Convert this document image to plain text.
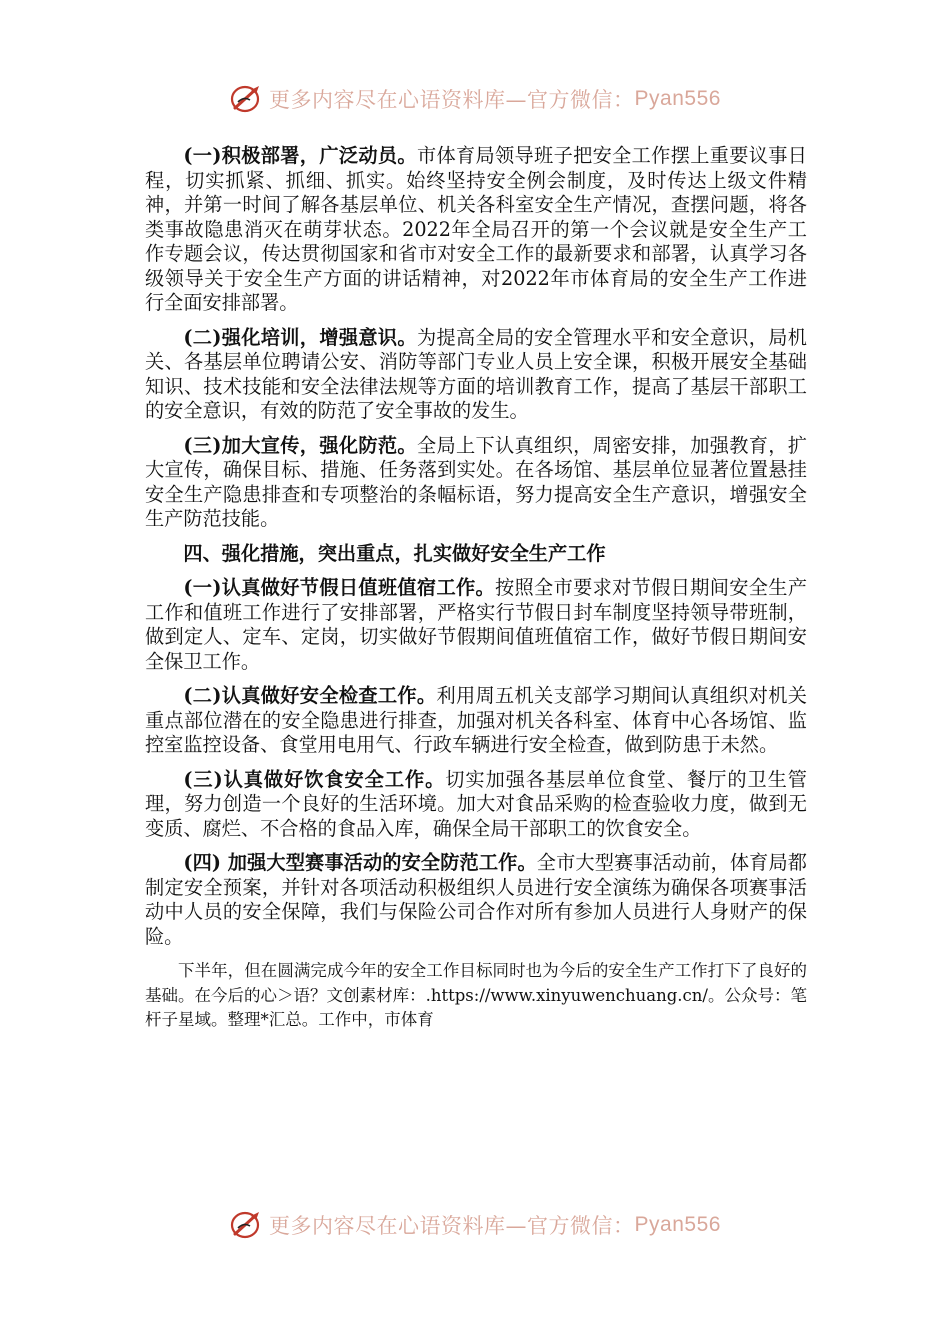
更多内容尽在心语资料库—官方微信： Pyan556

(一)积极部署，广泛动员。市体育局领导班子把安全工作摆上重要议事日程，切实抓紧、抓细、抓实。始终坚持安全例会制度，及时传达上级文件精神，并第一时间了解各基层单位、机关各科室安全生产情况，查摆问题，将各类事故隐患消灭在萌芽状态。2022年全局召开的第一个会议就是安全生产工作专题会议，传达贯彻国家和省市对安全工作的最新要求和部署，认真学习各级领导关于安全生产方面的讲话精神，对2022年市体育局的安全生产工作进行全面安排部署。

(二)强化培训，增强意识。为提高全局的安全管理水平和安全意识，局机关、各基层单位聘请公安、消防等部门专业人员上安全课，积极开展安全基础知识、技术技能和安全法律法规等方面的培训教育工作，提高了基层干部职工的安全意识，有效的防范了安全事故的发生。

(三)加大宣传，强化防范。全局上下认真组织，周密安排，加强教育，扩大宣传，确保目标、措施、任务落到实处。在各场馆、基层单位显著位置悬挂安全生产隐患排查和专项整治的条幅标语，努力提高安全生产意识，增强安全生产防范技能。

四、强化措施，突出重点，扎实做好安全生产工作

(一)认真做好节假日值班值宿工作。按照全市要求对节假日期间安全生产工作和值班工作进行了安排部署，严格实行节假日封车制度坚持领导带班制，做到定人、定车、定岗，切实做好节假期间值班值宿工作，做好节假日期间安全保卫工作。

(二)认真做好安全检查工作。利用周五机关支部学习期间认真组织对机关重点部位潜在的安全隐患进行排查，加强对机关各科室、体育中心各场馆、监控室监控设备、食堂用电用气、行政车辆进行安全检查，做到防患于未然。

(三)认真做好饮食安全工作。切实加强各基层单位食堂、餐厅的卫生管理，努力创造一个良好的生活环境。加大对食品采购的检查验收力度，做到无变质、腐烂、不合格的食品入库，确保全局干部职工的饮食安全。

(四) 加强大型赛事活动的安全防范工作。全市大型赛事活动前，体育局都制定安全预案，并针对各项活动积极组织人员进行安全演练为确保各项赛事活动中人员的安全保障，我们与保险公司合作对所有参加人员进行人身财产的保险。

下半年，但在圆满完成今年的安全工作目标同时也为今后的安全生产工作打下了良好的基础。在今后的心＞语？文创素材库：.https://www.xinyuwenchuang.cn/。公众号：笔杆子星域。整理*汇总。工作中，市体育

更多内容尽在心语资料库—官方微信： Pyan556
